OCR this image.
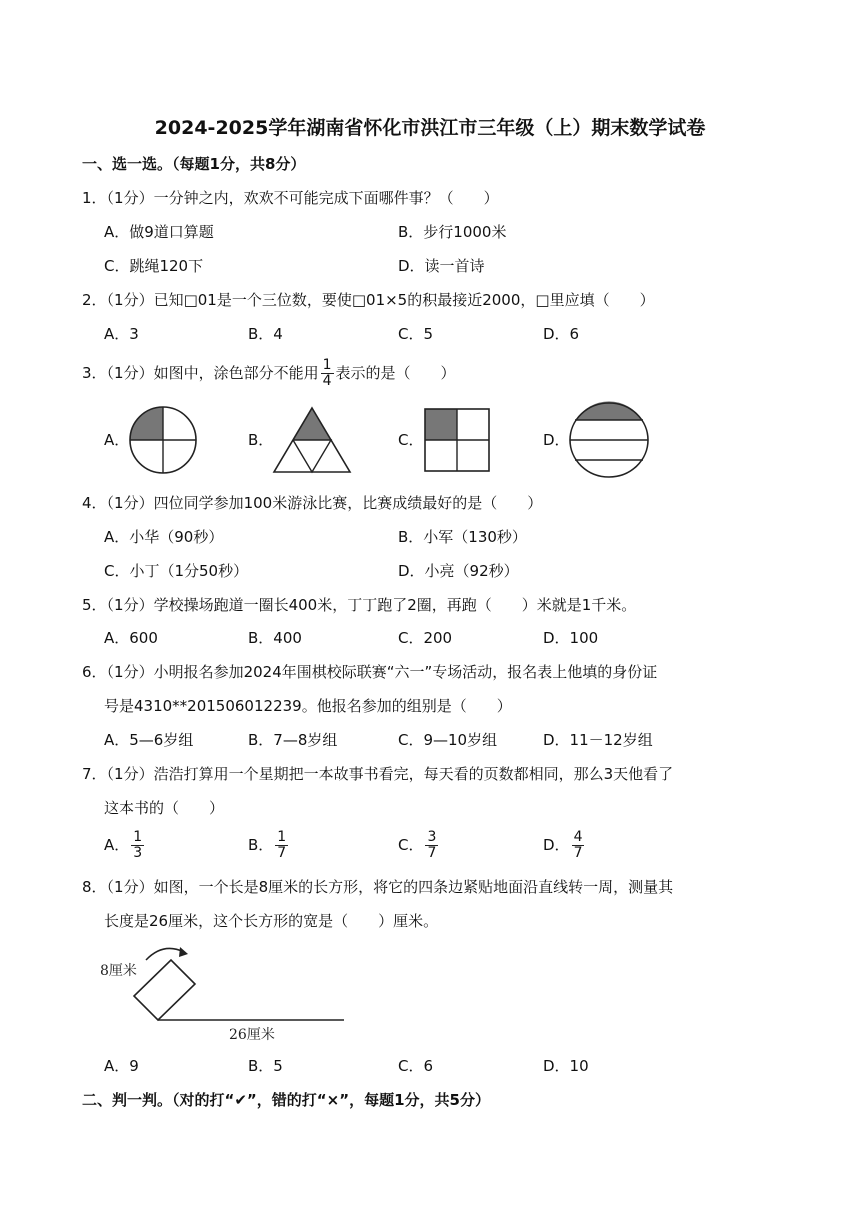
2024-2025学年湖南省怀化市洪江市三年级（上）期末数学试卷
一、选一选。（每题1分，共8分）
1．（1分）一分钟之内，欢欢不可能完成下面哪件事？（　　）
A．做9道口算题	B．步行1000米
C．跳绳120下	D．读一首诗
2．（1分）已知□01是一个三位数，要使□01×5的积最接近2000，□里应填（　　）
A．3	B．4	C．5	D．6
3．（1分）如图中，涂色部分不能用 $\frac{1}{4}$ 表示的是（　　）
A．	B．	C．	D．
4．（1分）四位同学参加100米游泳比赛，比赛成绩最好的是（　　）
A．小华（90秒）	B．小军（130秒）
C．小丁（1分50秒）	D．小亮（92秒）
5．（1分）学校操场跑道一圈长400米，丁丁跑了2圈，再跑（　　）米就是1千米。
A．600	B．400	C．200	D．100
6．（1分）小明报名参加2024年围棋校际联赛“六一”专场活动，报名表上他填的身份证
号是4310**201506012239。他报名参加的组别是（　　）
A．5—6岁组	B．7—8岁组	C．9—10岁组	D．11－12岁组
7．（1分）浩浩打算用一个星期把一本故事书看完，每天看的页数都相同，那么3天他看了
这本书的（　　）
A． $\frac{1}{3}$	B． $\frac{1}{7}$	C． $\frac{3}{7}$	D． $\frac{4}{7}$
8．（1分）如图，一个长是8厘米的长方形，将它的四条边紧贴地面沿直线转一周，测量其
长度是26厘米，这个长方形的宽是（　　）厘米。
8厘米
26厘米
A．9	B．5	C．6	D．10
二、判一判。（对的打“✔”，错的打“×”，每题1分，共5分）
